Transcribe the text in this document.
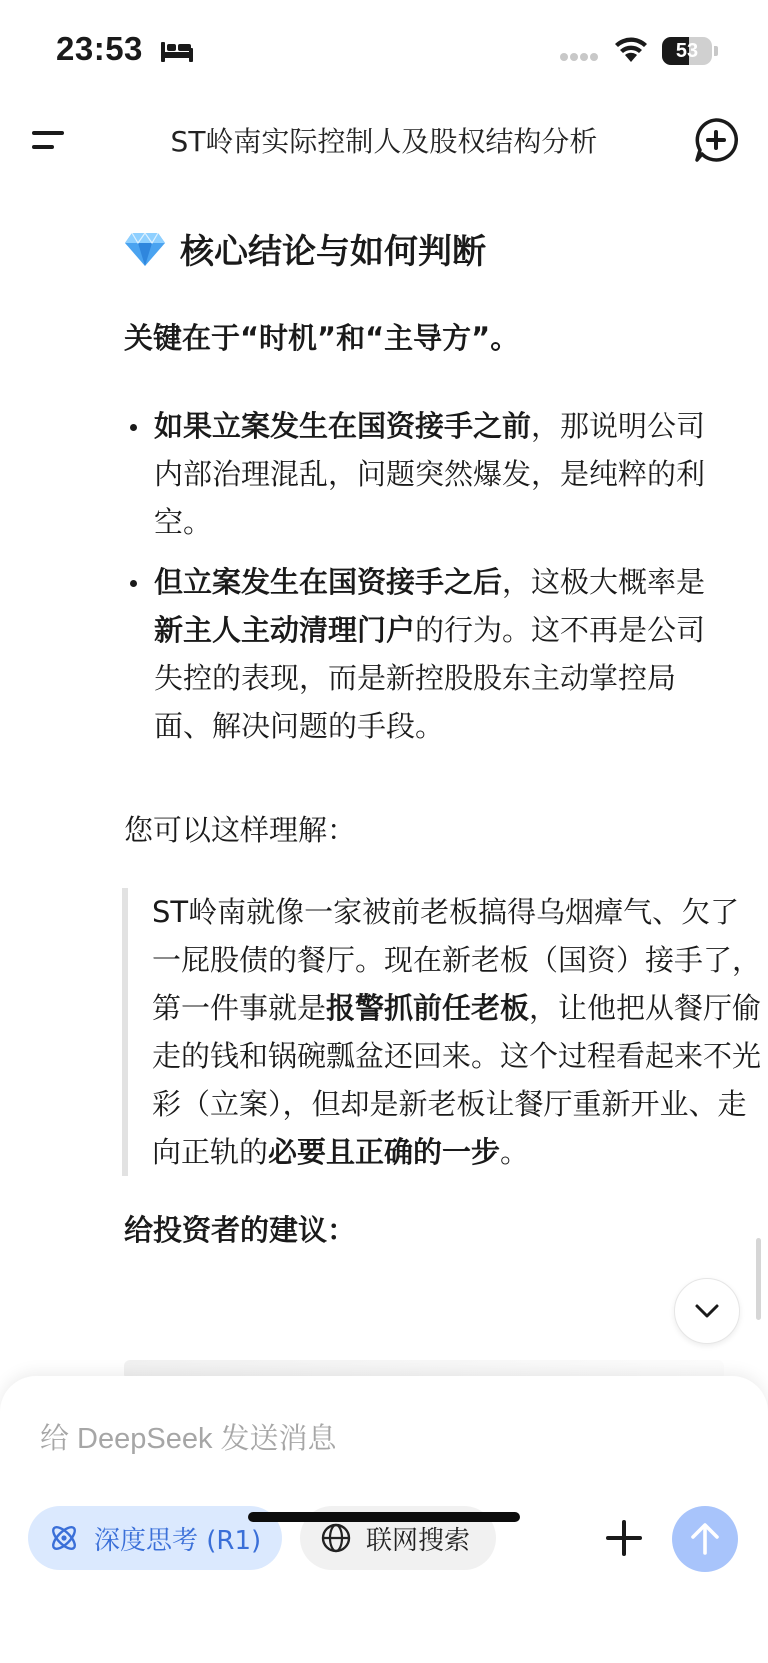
23:53	53
ST岭南实际控制人及股权结构分析
核心结论与如何判断
关键在于“时机”和“主导方”。
如果立案发生在国资接手之前，那说明公司内部治理混乱，问题突然爆发，是纯粹的利空。
但立案发生在国资接手之后，这极大概率是新主人主动清理门户的行为。这不再是公司失控的表现，而是新控股股东主动掌控局面、解决问题的手段。
您可以这样理解：
ST岭南就像一家被前老板搞得乌烟瘴气、欠了一屁股债的餐厅。现在新老板（国资）接手了，第一件事就是报警抓前任老板，让他把从餐厅偷走的钱和锅碗瓢盆还回来。这个过程看起来不光彩（立案），但却是新老板让餐厅重新开业、走向正轨的必要且正确的一步。
给投资者的建议：
给 DeepSeek 发送消息
深度思考 (R1)	联网搜索
